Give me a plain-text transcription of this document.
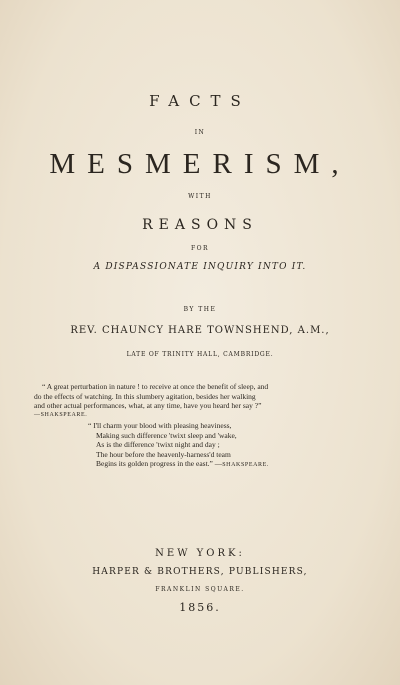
FACTS
IN
MESMERISM,
WITH
REASONS
FOR
A DISPASSIONATE INQUIRY INTO IT.
BY THE
REV. CHAUNCY HARE TOWNSHEND, A.M.,
LATE OF TRINITY HALL, CAMBRIDGE.
“ A great perturbation in nature ! to receive at once the benefit of sleep, and
do the effects of watching. In this slumbery agitation, besides her walking
and other actual performances, what, at any time, have you heard her say ?”
—SHAKSPEARE.
“ I'll charm your blood with pleasing heaviness,
Making such difference 'twixt sleep and 'wake,
As is the difference 'twixt night and day ;
The hour before the heavenly-harness'd team
Begins its golden progress in the east.” —SHAKSPEARE.
NEW YORK:
HARPER & BROTHERS, PUBLISHERS,
FRANKLIN SQUARE.
1856.
